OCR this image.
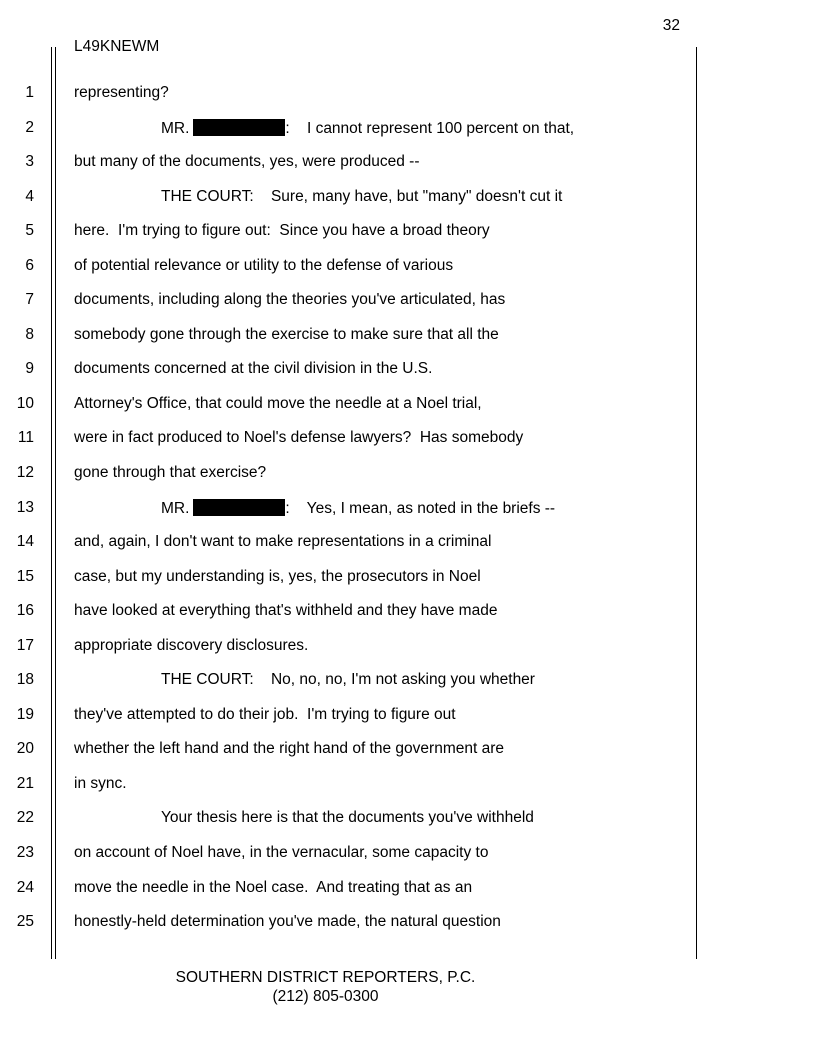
32
L49KNEWM
1	representing?
2	MR.	:    I cannot represent 100 percent on that,
3	but many of the documents, yes, were produced --
4	THE COURT:    Sure, many have, but "many" doesn't cut it
5	here.  I'm trying to figure out:  Since you have a broad theory
6	of potential relevance or utility to the defense of various
7	documents, including along the theories you've articulated, has
8	somebody gone through the exercise to make sure that all the
9	documents concerned at the civil division in the U.S.
10	Attorney's Office, that could move the needle at a Noel trial,
11	were in fact produced to Noel's defense lawyers?  Has somebody
12	gone through that exercise?
13	MR.	:    Yes, I mean, as noted in the briefs --
14	and, again, I don't want to make representations in a criminal
15	case, but my understanding is, yes, the prosecutors in Noel
16	have looked at everything that's withheld and they have made
17	appropriate discovery disclosures.
18	THE COURT:    No, no, no, I'm not asking you whether
19	they've attempted to do their job.  I'm trying to figure out
20	whether the left hand and the right hand of the government are
21	in sync.
22	Your thesis here is that the documents you've withheld
23	on account of Noel have, in the vernacular, some capacity to
24	move the needle in the Noel case.  And treating that as an
25	honestly-held determination you've made, the natural question
SOUTHERN DISTRICT REPORTERS, P.C.
(212) 805-0300
